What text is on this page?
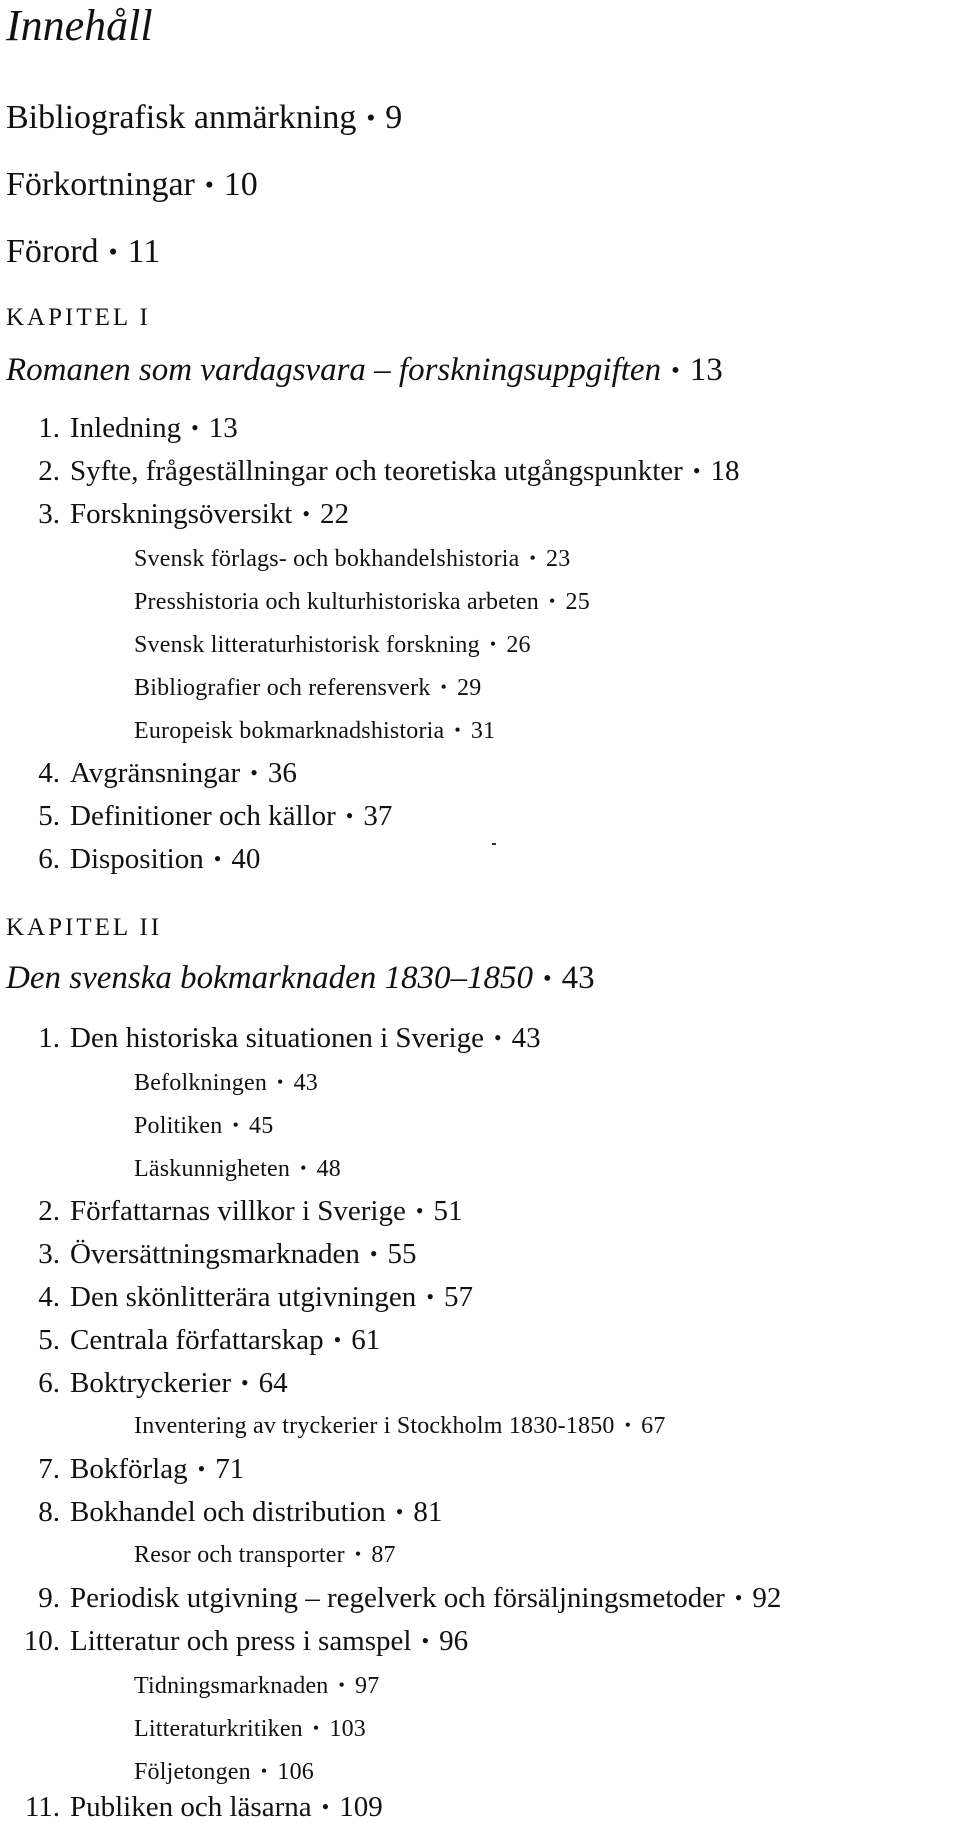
Innehåll
Bibliografisk anmärkning • 9
Förkortningar • 10
Förord • 11
KAPITEL I
Romanen som vardagsvara – forskningsuppgiften • 13
1. Inledning • 13
2. Syfte, frågeställningar och teoretiska utgångspunkter • 18
3. Forskningsöversikt • 22
Svensk förlags- och bokhandelshistoria • 23
Presshistoria och kulturhistoriska arbeten • 25
Svensk litteraturhistorisk forskning • 26
Bibliografier och referensverk • 29
Europeisk bokmarknadshistoria • 31
4. Avgränsningar • 36
5. Definitioner och källor • 37
6. Disposition • 40
KAPITEL II
Den svenska bokmarknaden 1830–1850 • 43
1. Den historiska situationen i Sverige • 43
Befolkningen • 43
Politiken • 45
Läskunnigheten • 48
2. Författarnas villkor i Sverige • 51
3. Översättningsmarknaden • 55
4. Den skönlitterära utgivningen • 57
5. Centrala författarskap • 61
6. Boktryckerier • 64
Inventering av tryckerier i Stockholm 1830-1850 • 67
7. Bokförlag • 71
8. Bokhandel och distribution • 81
Resor och transporter • 87
9. Periodisk utgivning – regelverk och försäljningsmetoder • 92
10. Litteratur och press i samspel • 96
Tidningsmarknaden • 97
Litteraturkritiken • 103
Följetongen • 106
11. Publiken och läsarna • 109
